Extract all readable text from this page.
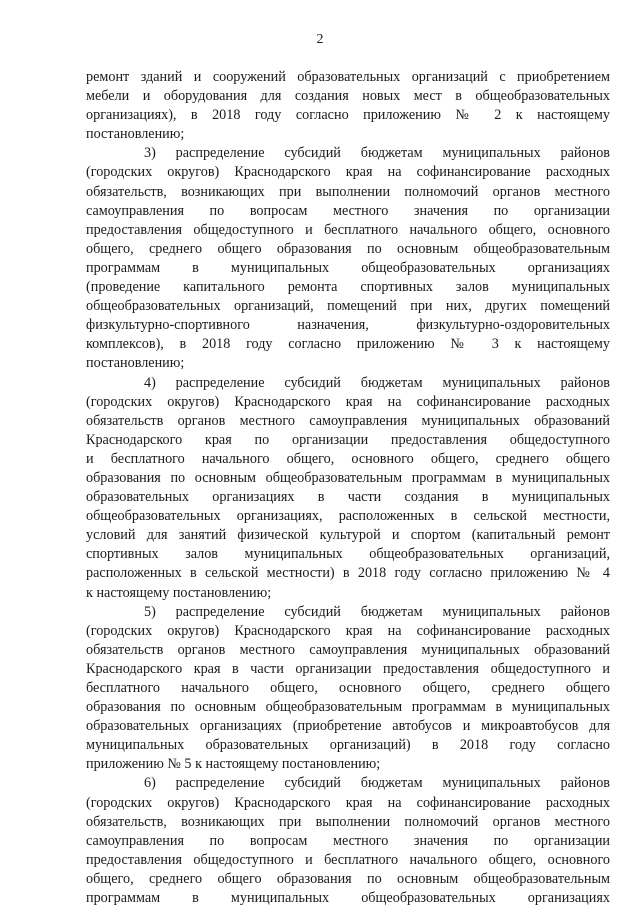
2
ремонт зданий и сооружений образовательных организаций с приобретением
мебели и оборудования для создания новых мест в общеобразовательных
организациях), в 2018 году согласно приложению № 2 к настоящему
постановлению;
3) распределение субсидий бюджетам муниципальных районов
(городских округов) Краснодарского края на софинансирование расходных
обязательств, возникающих при выполнении полномочий органов местного
самоуправления по вопросам местного значения по организации
предоставления общедоступного и бесплатного начального общего, основного
общего, среднего общего образования по основным общеобразовательным
программам в муниципальных общеобразовательных организациях
(проведение капитального ремонта спортивных залов муниципальных
общеобразовательных организаций, помещений при них, других помещений
физкультурно-спортивного назначения, физкультурно-оздоровительных
комплексов), в 2018 году согласно приложению № 3 к настоящему
постановлению;
4) распределение субсидий бюджетам муниципальных районов
(городских округов) Краснодарского края на софинансирование расходных
обязательств органов местного самоуправления муниципальных образований
Краснодарского края по организации предоставления общедоступного
и бесплатного начального общего, основного общего, среднего общего
образования по основным общеобразовательным программам в муниципальных
образовательных организациях в части создания в муниципальных
общеобразовательных организациях, расположенных в сельской местности,
условий для занятий физической культурой и спортом (капитальный ремонт
спортивных залов муниципальных общеобразовательных организаций,
расположенных в сельской местности) в 2018 году согласно приложению № 4
к настоящему постановлению;
5) распределение субсидий бюджетам муниципальных районов
(городских округов) Краснодарского края на софинансирование расходных
обязательств органов местного самоуправления муниципальных образований
Краснодарского края в части организации предоставления общедоступного и
бесплатного начального общего, основного общего, среднего общего
образования по основным общеобразовательным программам в муниципальных
образовательных организациях (приобретение автобусов и микроавтобусов для
муниципальных образовательных организаций) в 2018 году согласно
приложению № 5 к настоящему постановлению;
6) распределение субсидий бюджетам муниципальных районов
(городских округов) Краснодарского края на софинансирование расходных
обязательств, возникающих при выполнении полномочий органов местного
самоуправления по вопросам местного значения по организации
предоставления общедоступного и бесплатного начального общего, основного
общего, среднего общего образования по основным общеобразовательным
программам в муниципальных общеобразовательных организациях
